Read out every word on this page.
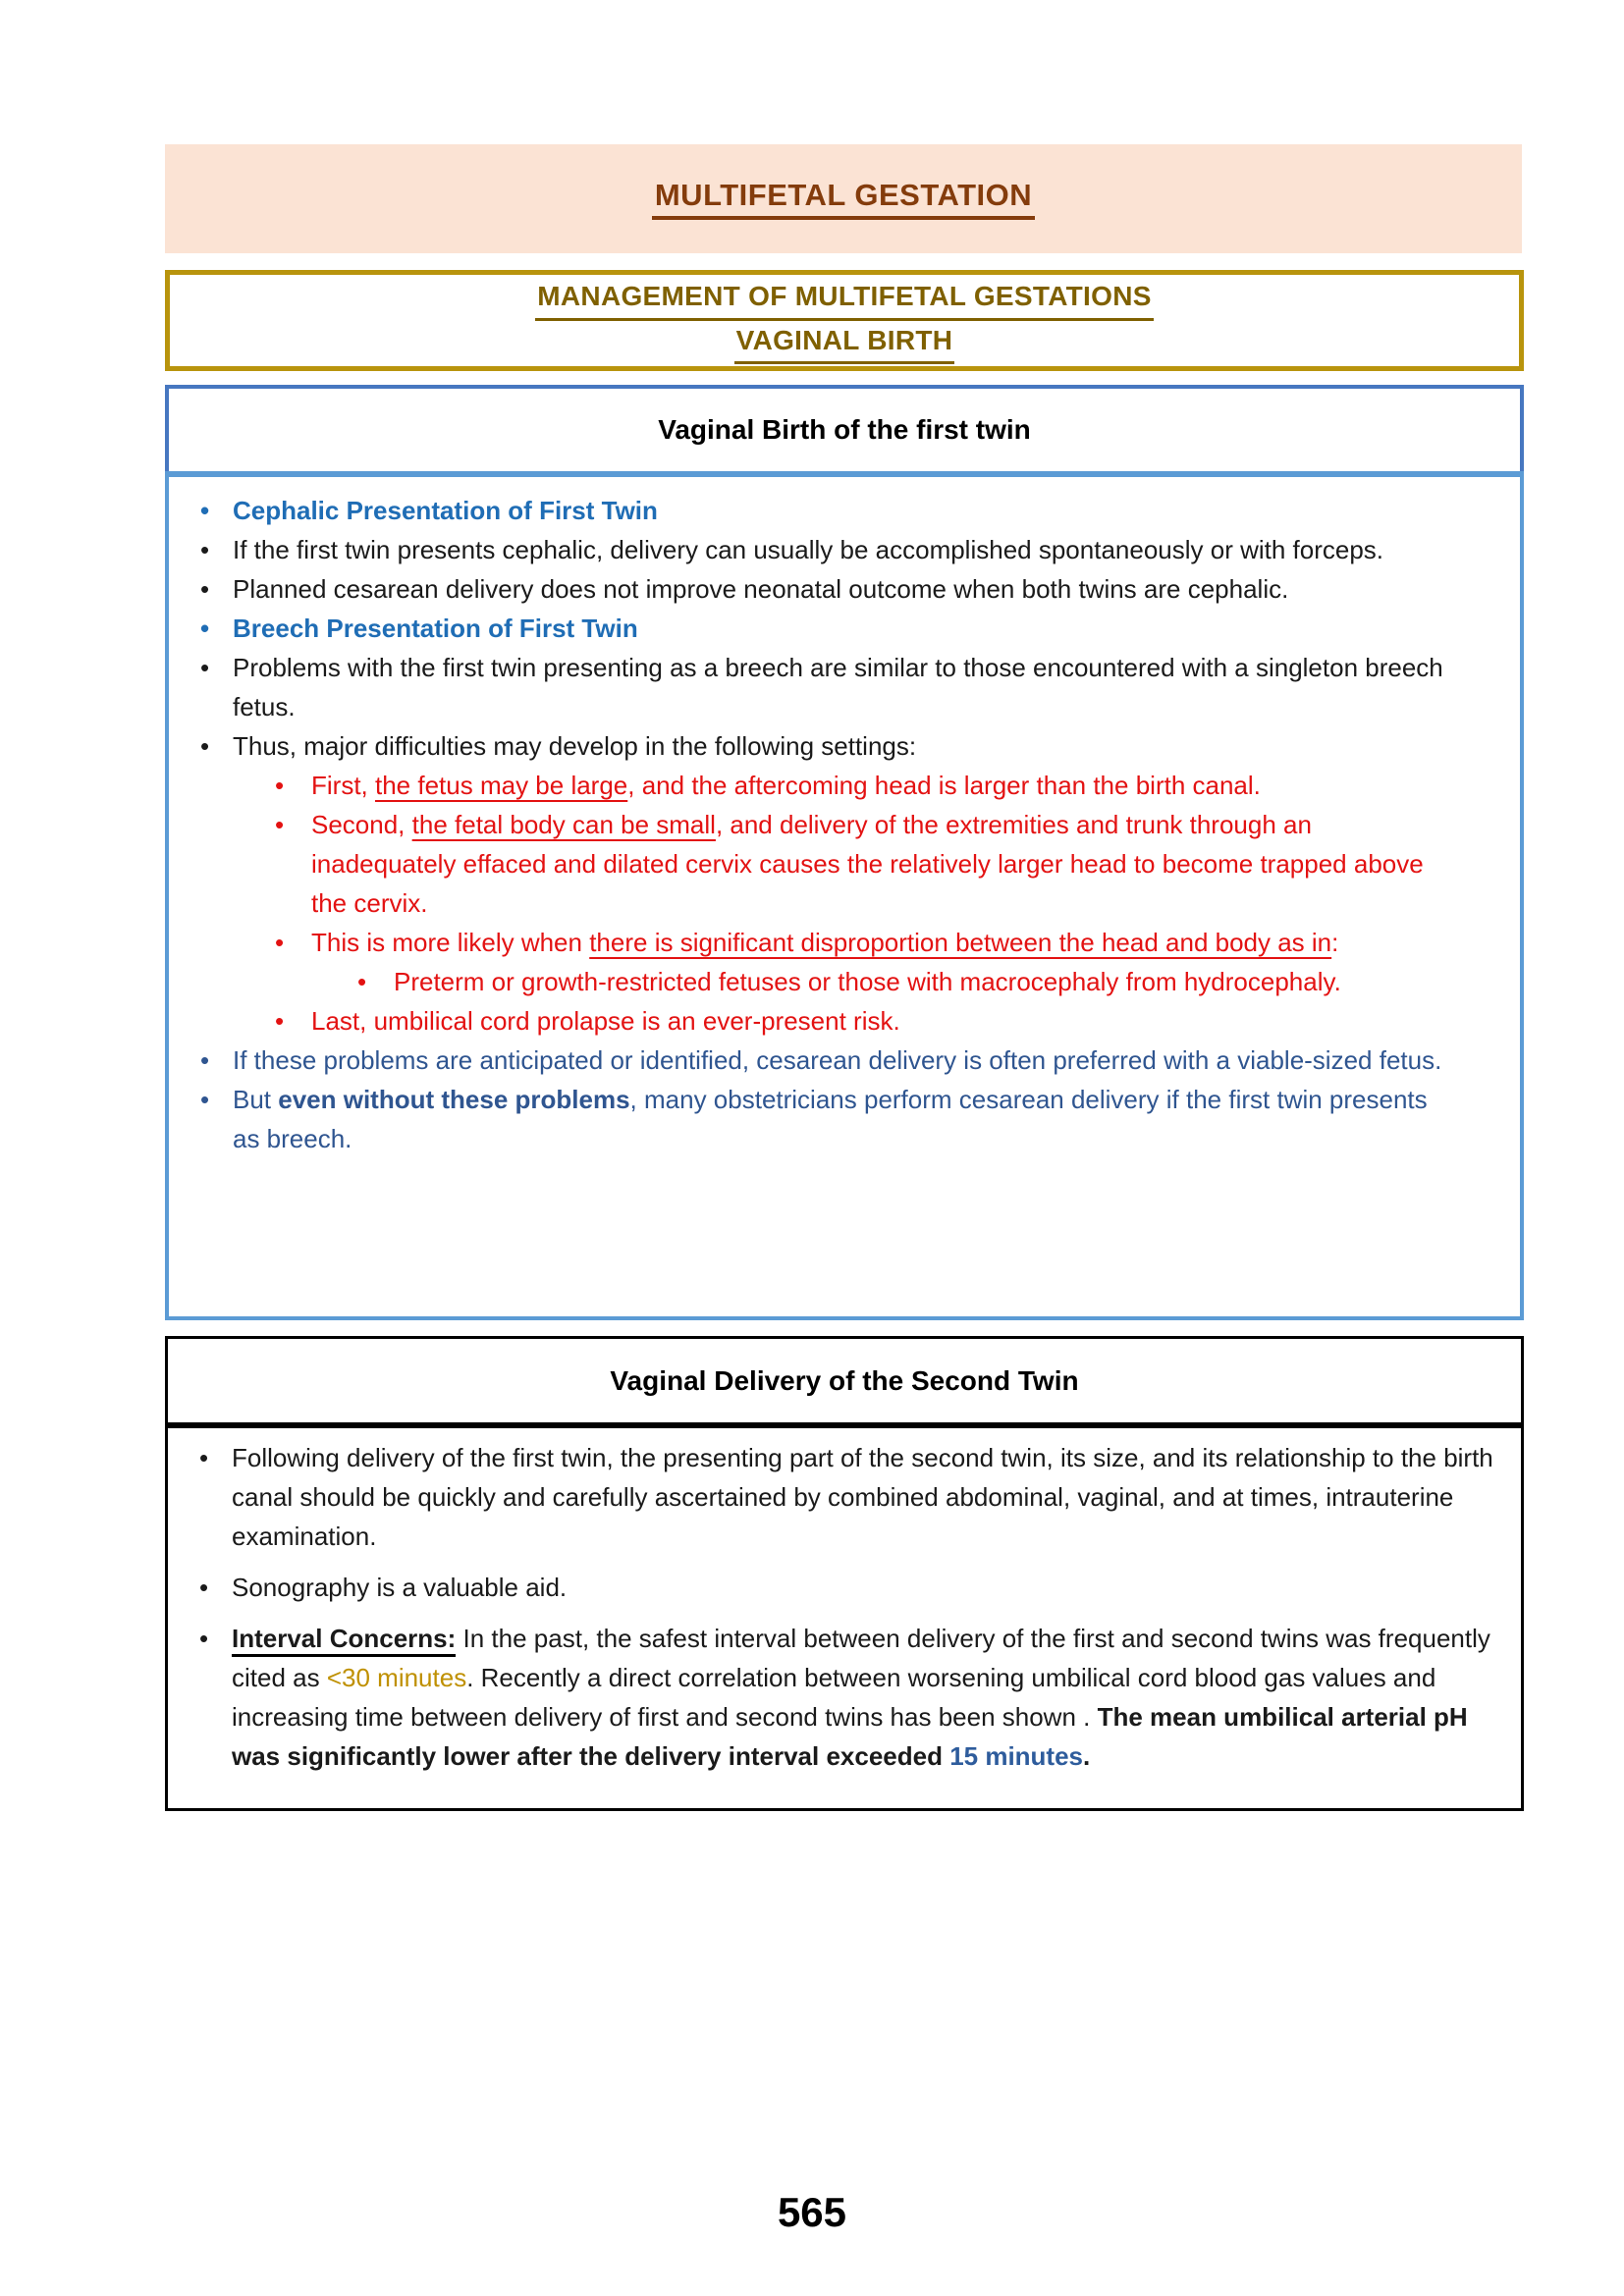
MULTIFETAL GESTATION
MANAGEMENT OF MULTIFETAL GESTATIONS
VAGINAL BIRTH
Vaginal Birth of the first twin
• Cephalic Presentation of First Twin
• If the first twin presents cephalic, delivery can usually be accomplished spontaneously or with forceps.
• Planned cesarean delivery does not improve neonatal outcome when both twins are cephalic.
• Breech Presentation of First Twin
• Problems with the first twin presenting as a breech are similar to those encountered with a singleton breech fetus.
• Thus, major difficulties may develop in the following settings:
• First, the fetus may be large, and the aftercoming head is larger than the birth canal.
• Second, the fetal body can be small, and delivery of the extremities and trunk through an inadequately effaced and dilated cervix causes the relatively larger head to become trapped above the cervix.
• This is more likely when there is significant disproportion between the head and body as in:
• Preterm or growth-restricted fetuses or those with macrocephaly from hydrocephaly.
• Last, umbilical cord prolapse is an ever-present risk.
• If these problems are anticipated or identified, cesarean delivery is often preferred with a viable-sized fetus.
• But even without these problems, many obstetricians perform cesarean delivery if the first twin presents as breech.
Vaginal Delivery of the Second Twin
• Following delivery of the first twin, the presenting part of the second twin, its size, and its relationship to the birth canal should be quickly and carefully ascertained by combined abdominal, vaginal, and at times, intrauterine examination.
• Sonography is a valuable aid.
• Interval Concerns: In the past, the safest interval between delivery of the first and second twins was frequently cited as <30 minutes. Recently a direct correlation between worsening umbilical cord blood gas values and increasing time between delivery of first and second twins has been shown . The mean umbilical arterial pH was significantly lower after the delivery interval exceeded 15 minutes.
565
